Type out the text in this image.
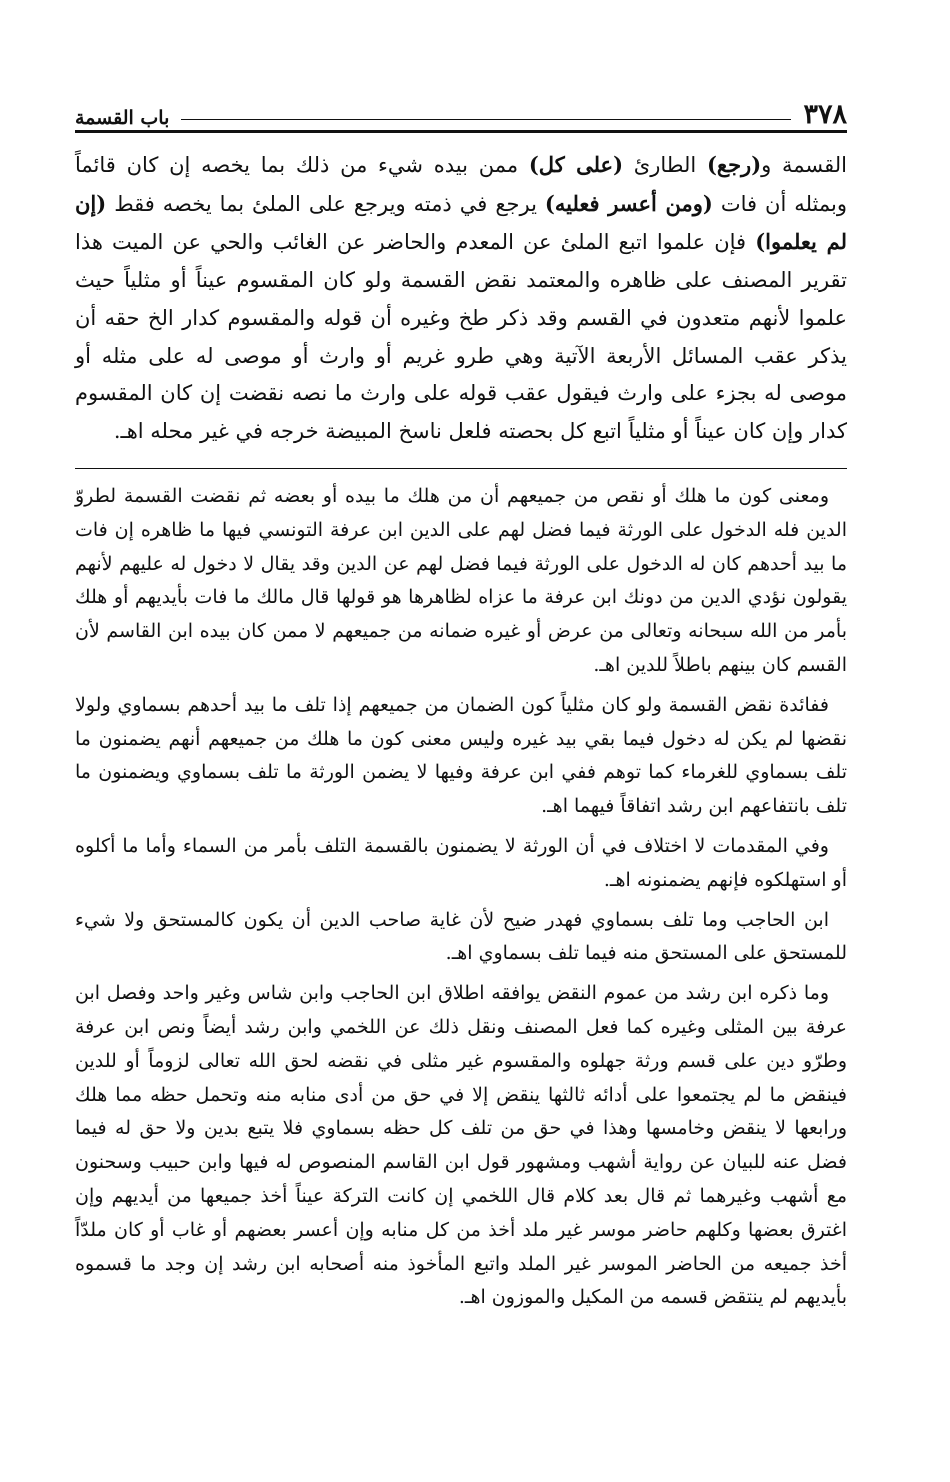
٣٧٨
باب القسمة

القسمة و(رجع) الطارئ (على كل) ممن بيده شيء من ذلك بما يخصه إن كان قائماً وبمثله أن فات (ومن أعسر فعليه) يرجع في ذمته ويرجع على الملئ بما يخصه فقط (إن لم يعلموا) فإن علموا اتبع الملئ عن المعدم والحاضر عن الغائب والحي عن الميت هذا تقرير المصنف على ظاهره والمعتمد نقض القسمة ولو كان المقسوم عيناً أو مثلياً حيث علموا لأنهم متعدون في القسم وقد ذكر طخ وغيره أن قوله والمقسوم كدار الخ حقه أن يذكر عقب المسائل الأربعة الآتية وهي طرو غريم أو وارث أو موصى له على مثله أو موصى له بجزء على وارث فيقول عقب قوله على وارث ما نصه نقضت إن كان المقسوم كدار وإن كان عيناً أو مثلياً اتبع كل بحصته فلعل ناسخ المبيضة خرجه في غير محله اهـ.

ومعنى كون ما هلك أو نقص من جميعهم أن من هلك ما بيده أو بعضه ثم نقضت القسمة لطروّ الدين فله الدخول على الورثة فيما فضل لهم على الدين ابن عرفة التونسي فيها ما ظاهره إن فات ما بيد أحدهم كان له الدخول على الورثة فيما فضل لهم عن الدين وقد يقال لا دخول له عليهم لأنهم يقولون نؤدي الدين من دونك ابن عرفة ما عزاه لظاهرها هو قولها قال مالك ما فات بأيديهم أو هلك بأمر من الله سبحانه وتعالى من عرض أو غيره ضمانه من جميعهم لا ممن كان بيده ابن القاسم لأن القسم كان بينهم باطلاً للدين اهـ.

ففائدة نقض القسمة ولو كان مثلياً كون الضمان من جميعهم إذا تلف ما بيد أحدهم بسماوي ولولا نقضها لم يكن له دخول فيما بقي بيد غيره وليس معنى كون ما هلك من جميعهم أنهم يضمنون ما تلف بسماوي للغرماء كما توهم ففي ابن عرفة وفيها لا يضمن الورثة ما تلف بسماوي ويضمنون ما تلف بانتفاعهم ابن رشد اتفاقاً فيهما اهـ.

وفي المقدمات لا اختلاف في أن الورثة لا يضمنون بالقسمة التلف بأمر من السماء وأما ما أكلوه أو استهلكوه فإنهم يضمنونه اهـ.

ابن الحاجب وما تلف بسماوي فهدر ضيح لأن غاية صاحب الدين أن يكون كالمستحق ولا شيء للمستحق على المستحق منه فيما تلف بسماوي اهـ.

وما ذكره ابن رشد من عموم النقض يوافقه اطلاق ابن الحاجب وابن شاس وغير واحد وفصل ابن عرفة بين المثلى وغيره كما فعل المصنف ونقل ذلك عن اللخمي وابن رشد أيضاً ونص ابن عرفة وطرّو دين على قسم ورثة جهلوه والمقسوم غير مثلى في نقضه لحق الله تعالى لزوماً أو للدين فينقض ما لم يجتمعوا على أدائه ثالثها ينقض إلا في حق من أدى منابه منه وتحمل حظه مما هلك ورابعها لا ينقض وخامسها وهذا في حق من تلف كل حظه بسماوي فلا يتبع بدين ولا حق له فيما فضل عنه للبيان عن رواية أشهب ومشهور قول ابن القاسم المنصوص له فيها وابن حبيب وسحنون مع أشهب وغيرهما ثم قال بعد كلام قال اللخمي إن كانت التركة عيناً أخذ جميعها من أيديهم وإن اغترق بعضها وكلهم حاضر موسر غير ملد أخذ من كل منابه وإن أعسر بعضهم أو غاب أو كان ملدّاً أخذ جميعه من الحاضر الموسر غير الملد واتبع المأخوذ منه أصحابه ابن رشد إن وجد ما قسموه بأيديهم لم ينتقض قسمه من المكيل والموزون اهـ.
